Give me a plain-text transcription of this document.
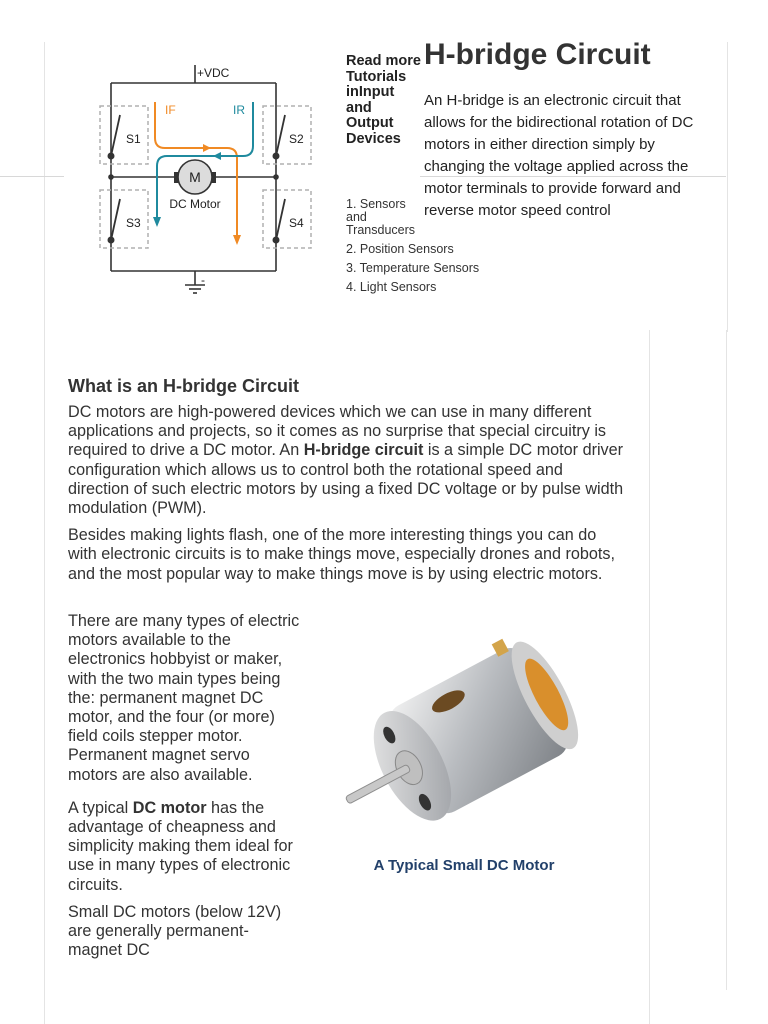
M
DC Motor
+VDC
-
IF	IR
S1	S2
S3	S4
Read more Tutorials inInput and Output Devices
1. Sensors and Transducers
2. Position Sensors
3. Temperature Sensors
4. Light Sensors
H-bridge Circuit
An H-bridge is an electronic circuit that allows for the bidirectional rotation of DC motors in either direction simply by changing the voltage applied across the motor terminals to provide forward and reverse motor speed control
What is an H-bridge Circuit

DC motors are high-powered devices which we can use in many different applications and projects, so it comes as no surprise that special circuitry is required to drive a DC motor. An H-bridge circuit is a simple DC motor driver configuration which allows us to control both the rotational speed and direction of such electric motors by using a fixed DC voltage or by pulse width modulation (PWM).

Besides making lights flash, one of the more interesting things you can do with electronic circuits is to make things move, especially drones and robots, and the most popular way to make things move is by using electric motors.

There are many types of electric motors available to the electronics hobbyist or maker, with the two main types being the: permanent magnet DC motor, and the four (or more) field coils stepper motor. Permanent magnet servo motors are also available.

A typical DC motor has the advantage of cheapness and simplicity making them ideal for use in many types of electronic circuits.

Small DC motors (below 12V) are generally permanent-magnet DC

A Typical Small DC Motor
